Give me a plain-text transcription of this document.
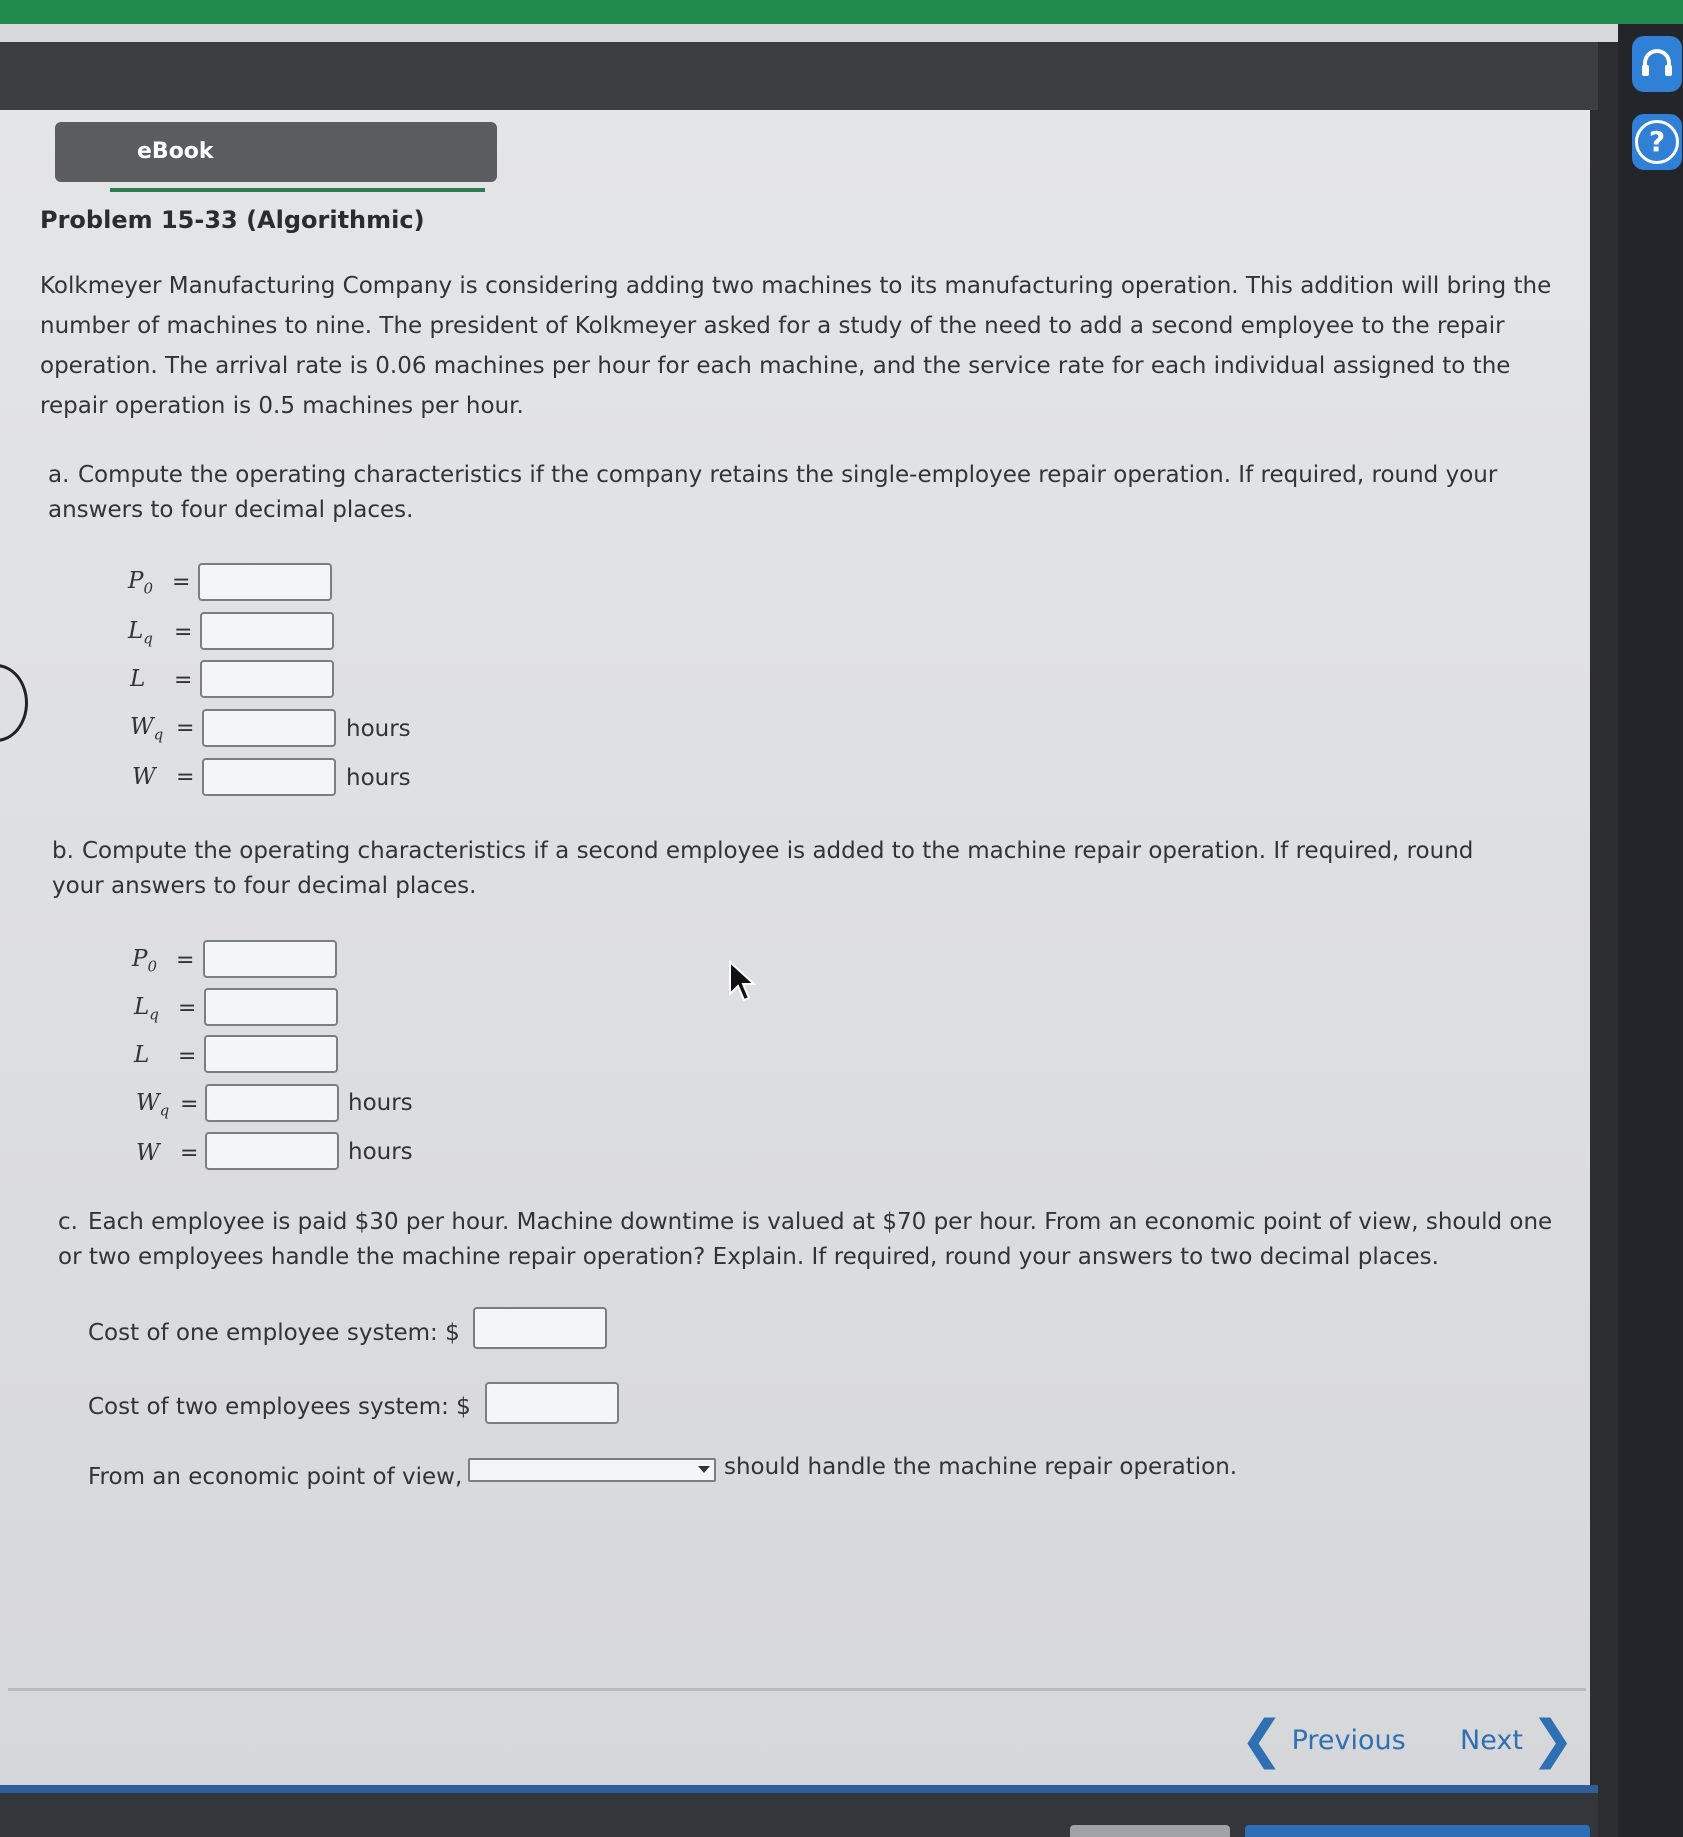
?
eBook
Problem 15-33 (Algorithmic)

Kolkmeyer Manufacturing Company is considering adding two machines to its manufacturing operation. This addition will bring the number of machines to nine. The president of Kolkmeyer asked for a study of the need to add a second employee to the repair operation. The arrival rate is 0.06 machines per hour for each machine, and the service rate for each individual assigned to the repair operation is 0.5 machines per hour.

a. Compute the operating characteristics if the company retains the single-employee repair operation. If required, round your answers to four decimal places.
$P_0$ =
$L_q$ =
L =
$W_q$ =	hours
W =	hours
b. Compute the operating characteristics if a second employee is added to the machine repair operation. If required, round your answers to four decimal places.
$P_0$ =
$L_q$ =
L =
$W_q$ =	hours
W =	hours
c. Each employee is paid $30 per hour. Machine downtime is valued at $70 per hour. From an economic point of view, should one or two employees handle the machine repair operation? Explain. If required, round your answers to two decimal places.
Cost of one employee system: $
Cost of two employees system: $
From an economic point of view,	should handle the machine repair operation.
❮ Previous Next ❯
